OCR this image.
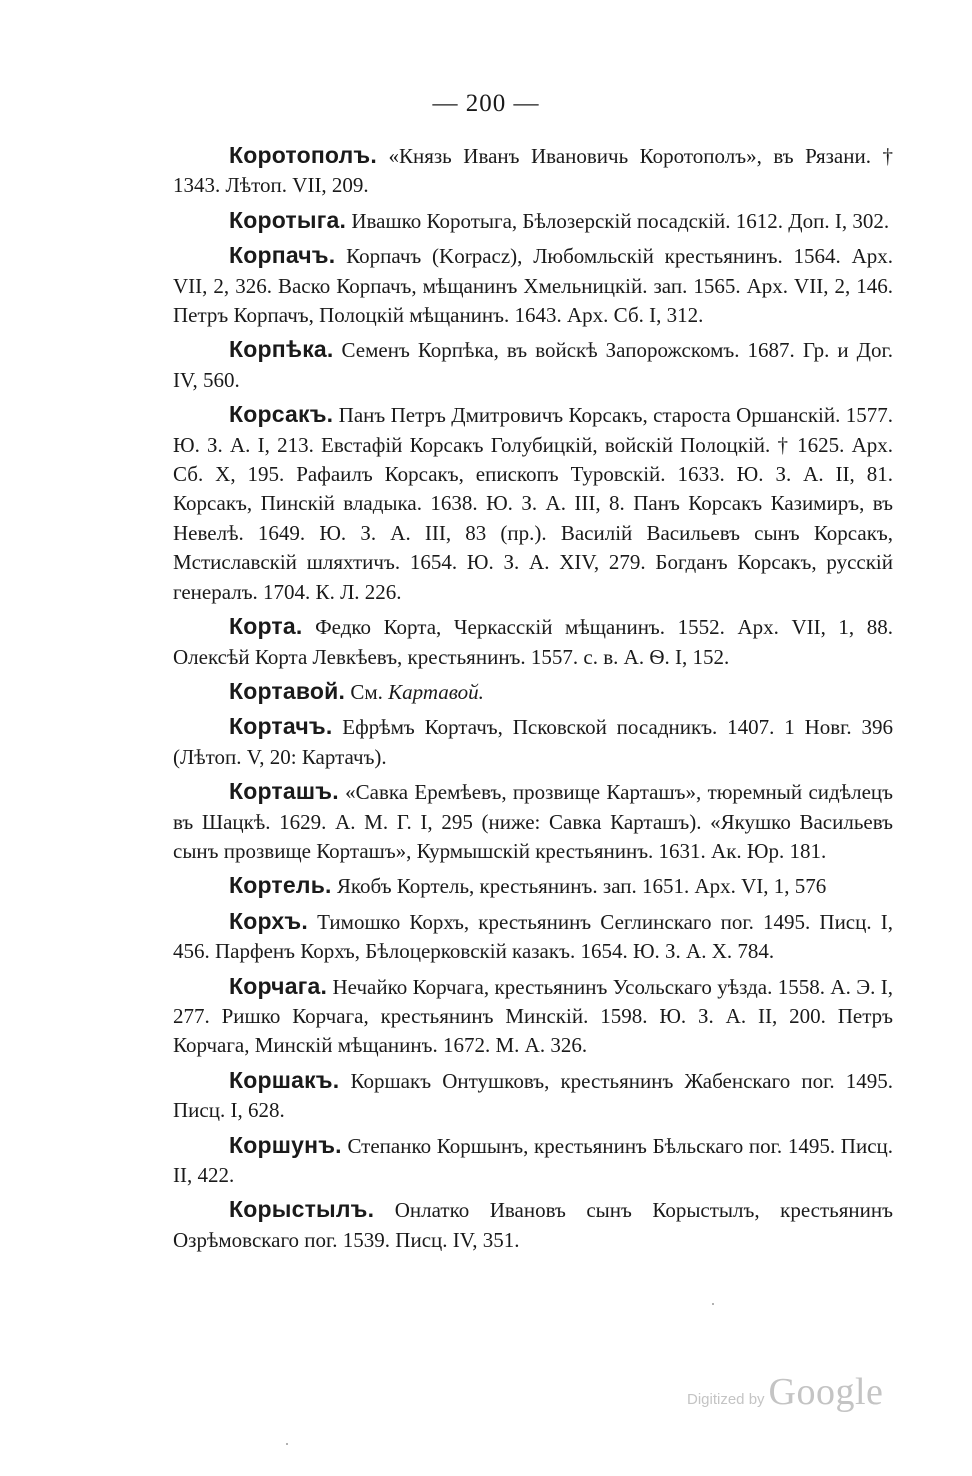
— 200 —

Коротополъ. «Князь Иванъ Ивановичь Коротополъ», въ Рязани. † 1343. Лѣтоп. VII, 209.

Коротыга. Ивашко Коротыга, Бѣлозерскій посадскій. 1612. Доп. I, 302.

Корпачъ. Корпачъ (Korpacz), Любомльскій крестьянинъ. 1564. Арх. VII, 2, 326. Васко Корпачъ, мѣщанинъ Хмельницкій. зап. 1565. Арх. VII, 2, 146. Петръ Корпачъ, Полоцкій мѣщанинъ. 1643. Арх. Сб. I, 312.

Корпѣка. Семенъ Корпѣка, въ войскѣ Запорожскомъ. 1687. Гр. и Дог. IV, 560.

Корсакъ. Панъ Петръ Дмитровичъ Корсакъ, староста Оршанскій. 1577. Ю. З. А. I, 213. Евстафій Корсакъ Голубицкій, войскій Полоцкій. † 1625. Арх. Сб. X, 195. Рафаилъ Корсакъ, епископъ Туровскій. 1633. Ю. З. А. II, 81. Корсакъ, Пинскій владыка. 1638. Ю. З. А. III, 8. Панъ Корсакъ Казимиръ, въ Невелѣ. 1649. Ю. З. А. III, 83 (пр.). Василій Васильевъ сынъ Корсакъ, Мстиславскій шляхтичъ. 1654. Ю. З. А. XIV, 279. Богданъ Корсакъ, русскій генералъ. 1704. К. Л. 226.

Корта. Федко Корта, Черкасскій мѣщанинъ. 1552. Арх. VII, 1, 88. Олексѣй Корта Левкѣевъ, крестьянинъ. 1557. с. в. А. Ѳ. I, 152.

Кортавой. См. Картавой.

Кортачъ. Ефрѣмъ Кортачъ, Псковской посадникъ. 1407. 1 Новг. 396 (Лѣтоп. V, 20: Картачъ).

Корташъ. «Савка Еремѣевъ, прозвище Карташъ», тюремный сидѣлецъ въ Шацкѣ. 1629. А. М. Г. I, 295 (ниже: Савка Карташъ). «Якушко Васильевъ сынъ прозвище Корташъ», Курмышскій крестьянинъ. 1631. Ак. Юр. 181.

Кортель. Якобъ Кортель, крестьянинъ. зап. 1651. Арх. VI, 1, 576

Корхъ. Тимошко Корхъ, крестьянинъ Сеглинскаго пог. 1495. Писц. I, 456. Парфенъ Корхъ, Бѣлоцерковскій казакъ. 1654. Ю. З. А. X. 784.

Корчага. Нечайко Корчага, крестьянинъ Усольскаго уѣзда. 1558. А. Э. I, 277. Ришко Корчага, крестьянинъ Минскій. 1598. Ю. З. А. II, 200. Петръ Корчага, Минскій мѣщанинъ. 1672. М. А. 326.

Коршакъ. Коршакъ Онтушковъ, крестьянинъ Жабенскаго пог. 1495. Писц. I, 628.

Коршунъ. Степанко Коршынъ, крестьянинъ Бѣльскаго пог. 1495. Писц. II, 422.

Корыстылъ. Онлатко Ивановъ сынъ Корыстылъ, крестьянинъ Озрѣмовскаго пог. 1539. Писц. IV, 351.

Digitized by Google
